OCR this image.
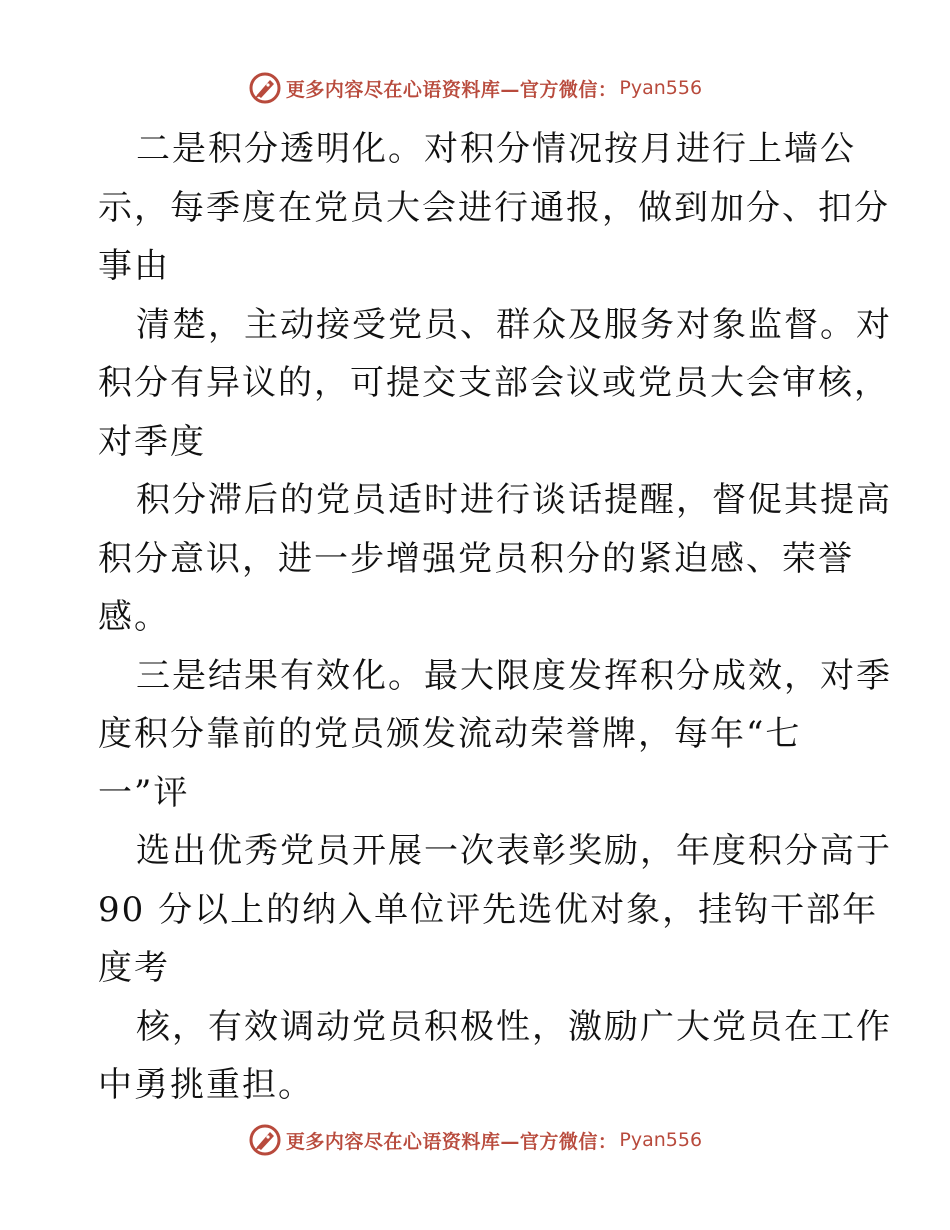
更多内容尽在心语资料库—官方微信： Pyan556
二是积分透明化。对积分情况按月进行上墙公
示，每季度在党员大会进行通报，做到加分、扣分
事由
清楚，主动接受党员、群众及服务对象监督。对
积分有异议的，可提交支部会议或党员大会审核，
对季度
积分滞后的党员适时进行谈话提醒，督促其提高
积分意识，进一步增强党员积分的紧迫感、荣誉
感。
三是结果有效化。最大限度发挥积分成效，对季
度积分靠前的党员颁发流动荣誉牌，每年“七
一”评
选出优秀党员开展一次表彰奖励，年度积分高于
90 分以上的纳入单位评先选优对象，挂钩干部年
度考
核，有效调动党员积极性，激励广大党员在工作
中勇挑重担。
更多内容尽在心语资料库—官方微信： Pyan556
